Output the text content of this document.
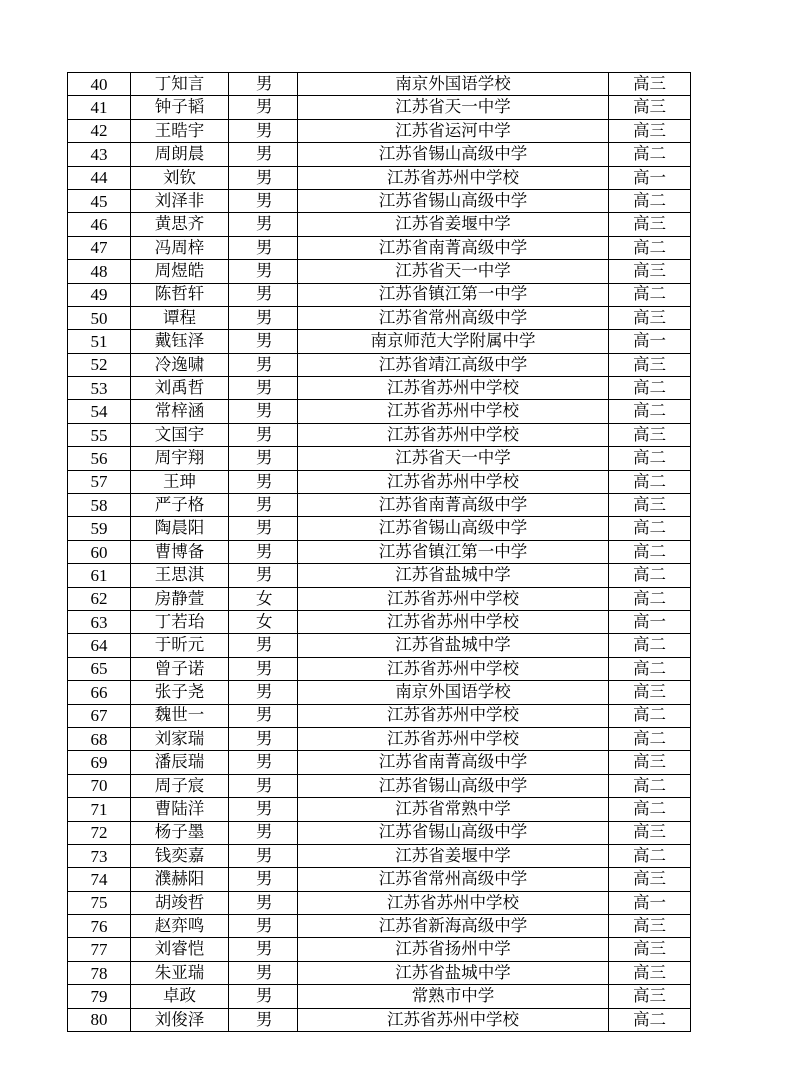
40	丁知言	男	南京外国语学校	高三
41	钟子韬	男	江苏省天一中学	高三
42	王晧宇	男	江苏省运河中学	高三
43	周朗晨	男	江苏省锡山高级中学	高二
44	刘钦	男	江苏省苏州中学校	高一
45	刘泽非	男	江苏省锡山高级中学	高二
46	黄思齐	男	江苏省姜堰中学	高三
47	冯周梓	男	江苏省南菁高级中学	高二
48	周煜皓	男	江苏省天一中学	高三
49	陈哲轩	男	江苏省镇江第一中学	高二
50	谭程	男	江苏省常州高级中学	高三
51	戴钰泽	男	南京师范大学附属中学	高一
52	冷逸啸	男	江苏省靖江高级中学	高三
53	刘禹哲	男	江苏省苏州中学校	高二
54	常梓涵	男	江苏省苏州中学校	高二
55	文国宇	男	江苏省苏州中学校	高三
56	周宇翔	男	江苏省天一中学	高二
57	王珅	男	江苏省苏州中学校	高二
58	严子格	男	江苏省南菁高级中学	高三
59	陶晨阳	男	江苏省锡山高级中学	高二
60	曹博备	男	江苏省镇江第一中学	高二
61	王思淇	男	江苏省盐城中学	高二
62	房静萱	女	江苏省苏州中学校	高二
63	丁若珆	女	江苏省苏州中学校	高一
64	于昕元	男	江苏省盐城中学	高二
65	曾子诺	男	江苏省苏州中学校	高二
66	张子尧	男	南京外国语学校	高三
67	魏世一	男	江苏省苏州中学校	高二
68	刘家瑞	男	江苏省苏州中学校	高二
69	潘辰瑞	男	江苏省南菁高级中学	高三
70	周子宸	男	江苏省锡山高级中学	高二
71	曹陆洋	男	江苏省常熟中学	高二
72	杨子墨	男	江苏省锡山高级中学	高三
73	钱奕嘉	男	江苏省姜堰中学	高二
74	濮赫阳	男	江苏省常州高级中学	高三
75	胡竣哲	男	江苏省苏州中学校	高一
76	赵弈鸣	男	江苏省新海高级中学	高三
77	刘睿恺	男	江苏省扬州中学	高三
78	朱亚瑞	男	江苏省盐城中学	高三
79	卓政	男	常熟市中学	高三
80	刘俊泽	男	江苏省苏州中学校	高二
